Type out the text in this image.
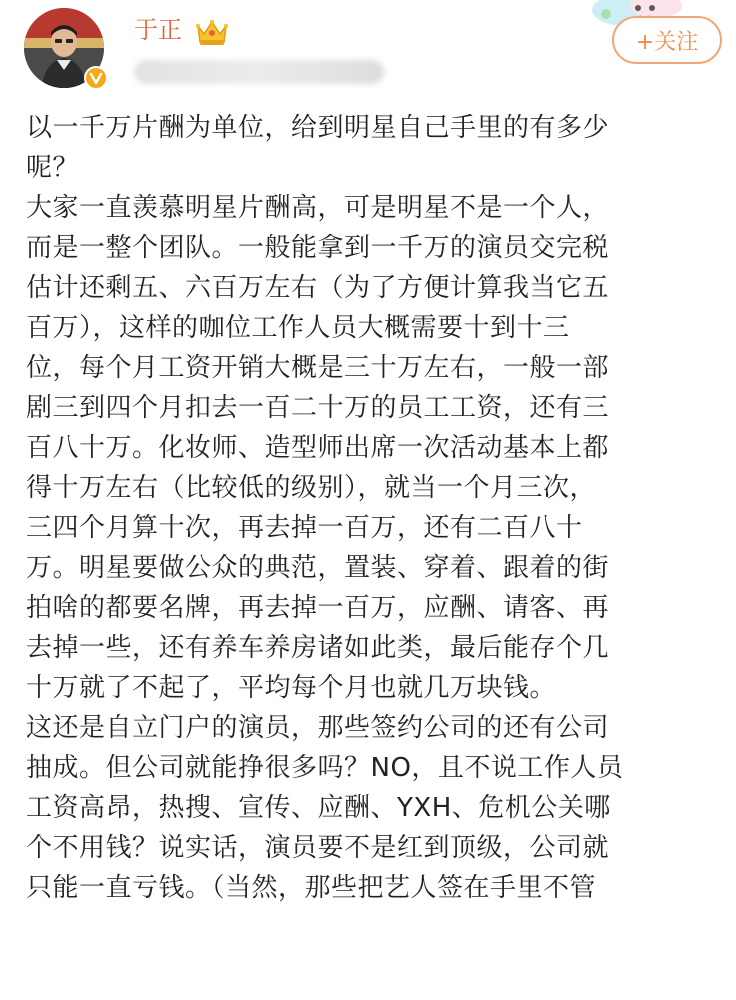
于正	+关注
以一千万片酬为单位，给到明星自己手里的有多少
呢？
大家一直羡慕明星片酬高，可是明星不是一个人，
而是一整个团队。一般能拿到一千万的演员交完税
估计还剩五、六百万左右（为了方便计算我当它五
百万），这样的咖位工作人员大概需要十到十三
位，每个月工资开销大概是三十万左右，一般一部
剧三到四个月扣去一百二十万的员工工资，还有三
百八十万。化妆师、造型师出席一次活动基本上都
得十万左右（比较低的级别），就当一个月三次，
三四个月算十次，再去掉一百万，还有二百八十
万。明星要做公众的典范，置装、穿着、跟着的街
拍啥的都要名牌，再去掉一百万，应酬、请客、再
去掉一些，还有养车养房诸如此类，最后能存个几
十万就了不起了，平均每个月也就几万块钱。
这还是自立门户的演员，那些签约公司的还有公司
抽成。但公司就能挣很多吗？NO，且不说工作人员
工资高昂，热搜、宣传、应酬、YXH、危机公关哪
个不用钱？说实话，演员要不是红到顶级，公司就
只能一直亏钱。（当然，那些把艺人签在手里不管
